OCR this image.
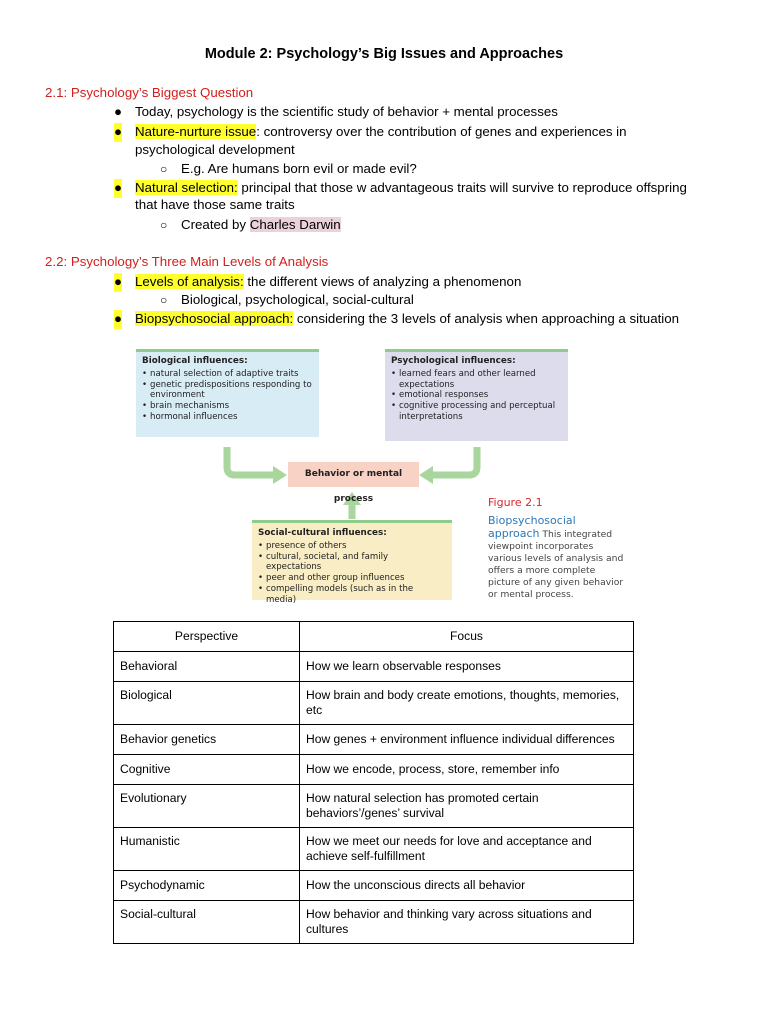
Module 2: Psychology’s Big Issues and Approaches
2.1: Psychology’s Biggest Question
● Today, psychology is the scientific study of behavior + mental processes
● Nature-nurture issue: controversy over the contribution of genes and experiences in
psychological development
○ E.g. Are humans born evil or made evil?
● Natural selection: principal that those w advantageous traits will survive to reproduce offspring
that have those same traits
○ Created by Charles Darwin
2.2: Psychology’s Three Main Levels of Analysis
● Levels of analysis: the different views of analyzing a phenomenon
○ Biological, psychological, social-cultural
● Biopsychosocial approach: considering the 3 levels of analysis when approaching a situation
Biological influences:
• natural selection of adaptive traits
• genetic predispositions responding to environment
• brain mechanisms
• hormonal influences
Psychological influences:
• learned fears and other learned expectations
• emotional responses
• cognitive processing and perceptual interpretations
Behavior or mental process
Social-cultural influences:
• presence of others
• cultural, societal, and family expectations
• peer and other group influences
• compelling models (such as in the media)
Figure 2.1
Biopsychosocial approach This integrated viewpoint incorporates various levels of analysis and offers a more complete picture of any given behavior or mental process.
Perspective	Focus
Behavioral	How we learn observable responses
Biological	How brain and body create emotions, thoughts, memories, etc
Behavior genetics	How genes + environment influence individual differences
Cognitive	How we encode, process, store, remember info
Evolutionary	How natural selection has promoted certain behaviors’/genes’ survival
Humanistic	How we meet our needs for love and acceptance and achieve self-fulfillment
Psychodynamic	How the unconscious directs all behavior
Social-cultural	How behavior and thinking vary across situations and cultures
